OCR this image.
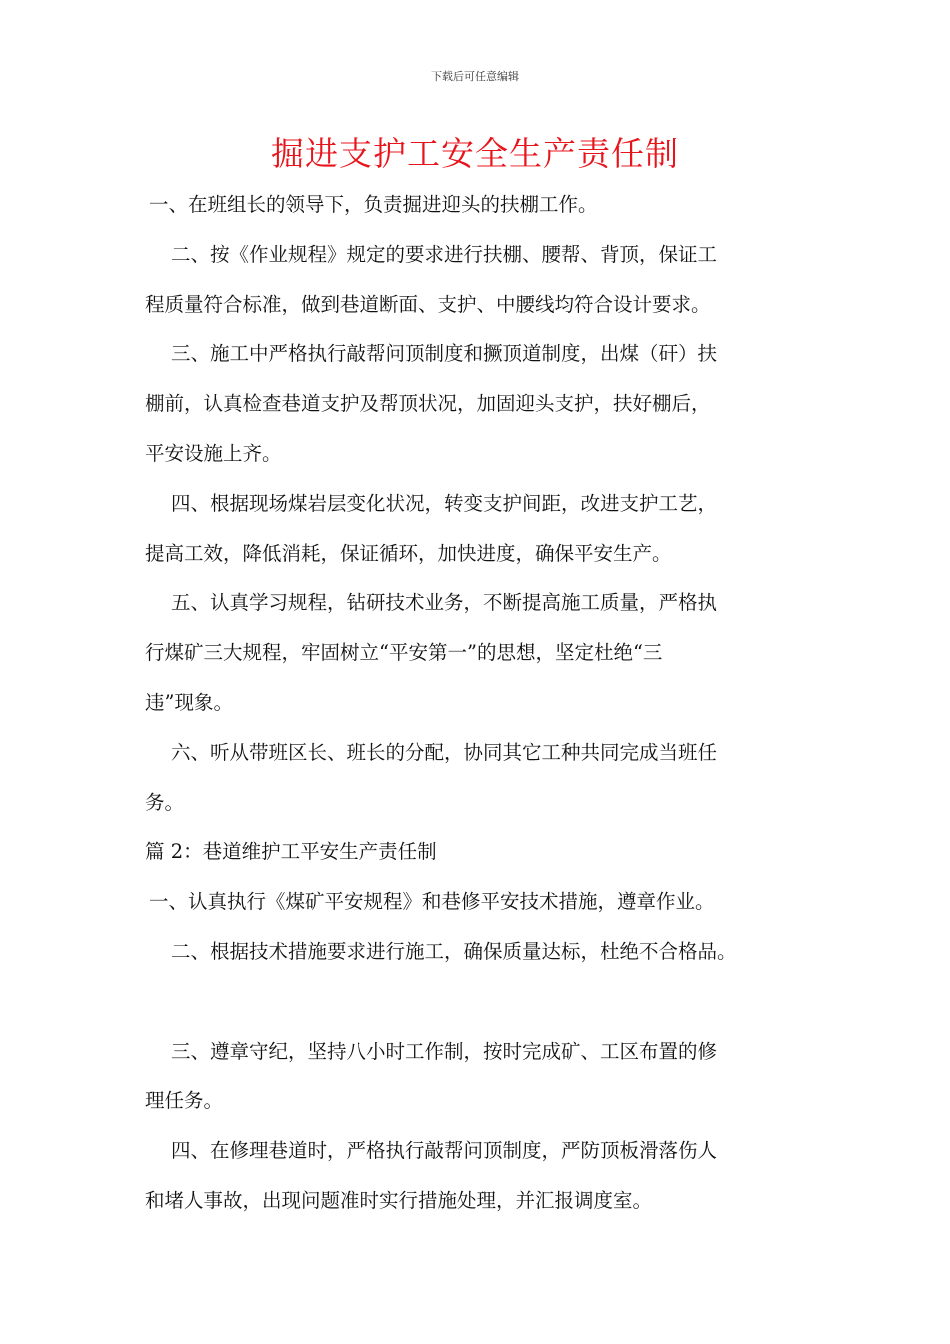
下载后可任意编辑
掘进支护工安全生产责任制

一、在班组长的领导下，负责掘进迎头的扶棚工作。

二、按《作业规程》规定的要求进行扶棚、腰帮、背顶，保证工

程质量符合标准，做到巷道断面、支护、中腰线均符合设计要求。

三、施工中严格执行敲帮问顶制度和撅顶道制度，出煤（矸）扶

棚前，认真检查巷道支护及帮顶状况，加固迎头支护，扶好棚后，

平安设施上齐。

四、根据现场煤岩层变化状况，转变支护间距，改进支护工艺，

提高工效，降低消耗，保证循环，加快进度，确保平安生产。

五、认真学习规程，钻研技术业务，不断提高施工质量，严格执

行煤矿三大规程，牢固树立“平安第一”的思想，坚定杜绝“三

违”现象。

六、听从带班区长、班长的分配，协同其它工种共同完成当班任

务。

篇 2：巷道维护工平安生产责任制

一、认真执行《煤矿平安规程》和巷修平安技术措施，遵章作业。

二、根据技术措施要求进行施工，确保质量达标，杜绝不合格品。

三、遵章守纪，坚持八小时工作制，按时完成矿、工区布置的修

理任务。

四、在修理巷道时，严格执行敲帮问顶制度，严防顶板滑落伤人

和堵人事故，出现问题准时实行措施处理，并汇报调度室。
